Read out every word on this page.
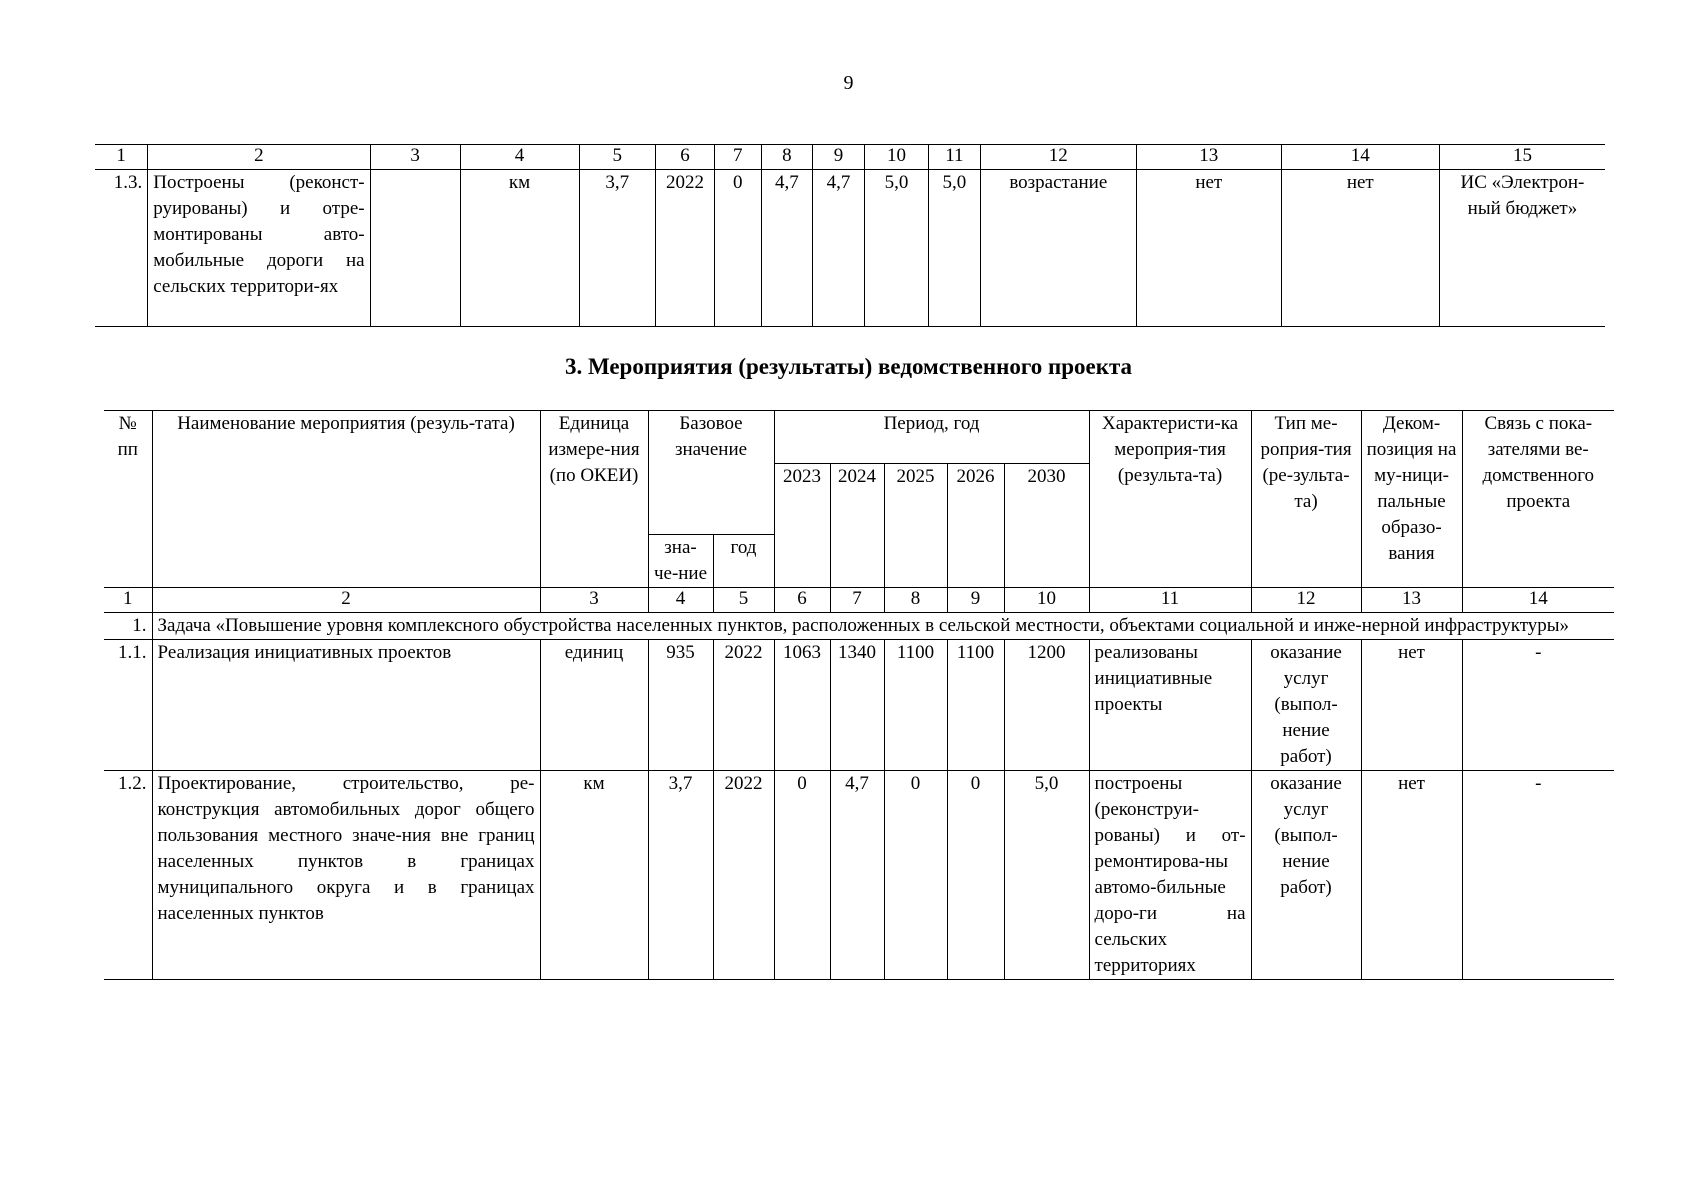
9
1	2	3	4	5	6	7	8	9	10	11	12	13	14	15
1.3.	Построены (реконст-руированы) и отре-монтированы авто-мобильные дороги на сельских территори-ях		км	3,7	2022	0	4,7	4,7	5,0	5,0	возрастание	нет	нет	ИС «Электрон-ный бюджет»
3. Мероприятия (результаты) ведомственного проекта
№ пп	Наименование мероприятия (резуль-тата)	Единица измере-ния (по ОКЕИ)	Базовое значение		Период, год					Характеристи-ка мероприя-тия (результа-та)	Тип ме-роприя-тия (ре-зульта-та)	Деком-позиция на му-ници-пальные образо-вания	Связь с пока-зателями ве-домственного проекта
					2023	2024	2025	2026	2030				
			зна-че-ние	год									
1	2	3	4	5	6	7	8	9	10	11	12	13	14
1.	Задача «Повышение уровня комплексного обустройства населенных пунктов, расположенных в сельской местности, объектами социальной и инже-нерной инфраструктуры»												
1.1.	Реализация инициативных проектов	единиц	935	2022	1063	1340	1100	1100	1200	реализованы инициативные проекты	оказание услуг (выпол-нение работ)	нет	-
1.2.	Проектирование, строительство, ре-конструкция автомобильных дорог общего пользования местного значе-ния вне границ населенных пунктов в границах муниципального округа и в границах населенных пунктов	км	3,7	2022	0	4,7	0	0	5,0	построены (реконструи-рованы) и от-ремонтирова-ны автомо-бильные доро-ги на сельских территориях	оказание услуг (выпол-нение работ)	нет	-
